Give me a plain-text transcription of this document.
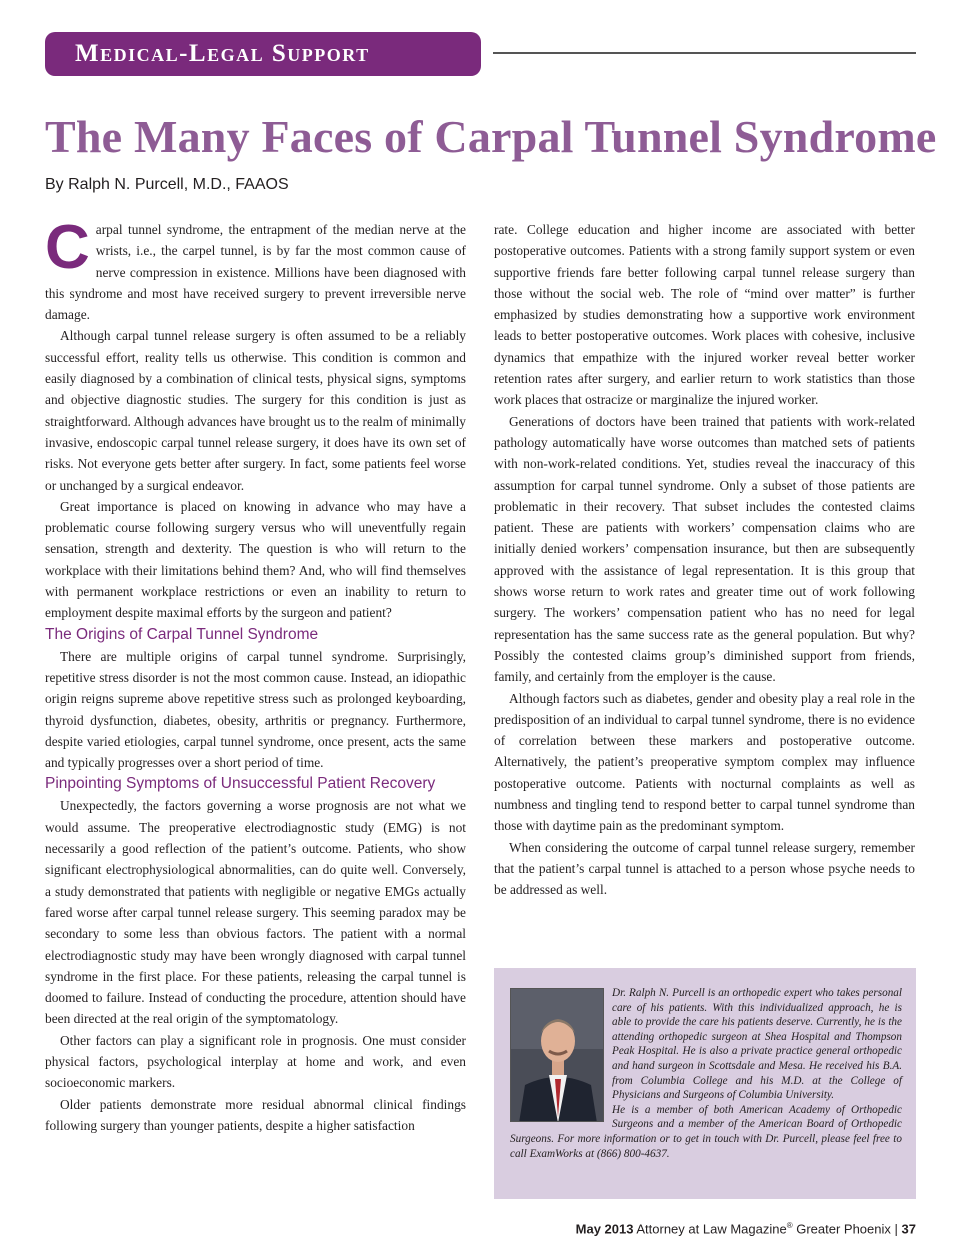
Medical-Legal Support
The Many Faces of Carpal Tunnel Syndrome
By Ralph N. Purcell, M.D., FAAOS

Carpal tunnel syndrome, the entrapment of the median nerve at the wrists, i.e., the carpel tunnel, is by far the most common cause of nerve compression in existence. Millions have been diagnosed with this syndrome and most have received surgery to prevent irreversible nerve damage.

Although carpal tunnel release surgery is often assumed to be a reliably successful effort, reality tells us otherwise. This condition is common and easily diagnosed by a combination of clinical tests, physical signs, symptoms and objective diagnostic studies. The surgery for this condition is just as straightforward. Although advances have brought us to the realm of minimally invasive, endoscopic carpal tunnel release surgery, it does have its own set of risks. Not everyone gets better after surgery. In fact, some patients feel worse or unchanged by a surgical endeavor.

Great importance is placed on knowing in advance who may have a problematic course following surgery versus who will uneventfully regain sensation, strength and dexterity. The question is who will return to the workplace with their limitations behind them? And, who will find themselves with permanent workplace restrictions or even an inability to return to employment despite maximal efforts by the surgeon and patient?

The Origins of Carpal Tunnel Syndrome

There are multiple origins of carpal tunnel syndrome. Surprisingly, repetitive stress disorder is not the most common cause. Instead, an idiopathic origin reigns supreme above repetitive stress such as prolonged keyboarding, thyroid dysfunction, diabetes, obesity, arthritis or pregnancy. Furthermore, despite varied etiologies, carpal tunnel syndrome, once present, acts the same and typically progresses over a short period of time.

Pinpointing Symptoms of Unsuccessful Patient Recovery

Unexpectedly, the factors governing a worse prognosis are not what we would assume. The preoperative electrodiagnostic study (EMG) is not necessarily a good reflection of the patient’s outcome. Patients, who show significant electrophysiological abnormalities, can do quite well. Conversely, a study demonstrated that patients with negligible or negative EMGs actually fared worse after carpal tunnel release surgery. This seeming paradox may be secondary to some less than obvious factors. The patient with a normal electrodiagnostic study may have been wrongly diagnosed with carpal tunnel syndrome in the first place. For these patients, releasing the carpal tunnel is doomed to failure. Instead of conducting the procedure, attention should have been directed at the real origin of the symptomatology.

Other factors can play a significant role in prognosis. One must consider physical factors, psychological interplay at home and work, and even socioeconomic markers.

Older patients demonstrate more residual abnormal clinical findings following surgery than younger patients, despite a higher satisfaction

rate. College education and higher income are associated with better postoperative outcomes. Patients with a strong family support system or even supportive friends fare better following carpal tunnel release surgery than those without the social web. The role of “mind over matter” is further emphasized by studies demonstrating how a supportive work environment leads to better postoperative outcomes. Work places with cohesive, inclusive dynamics that empathize with the injured worker reveal better worker retention rates after surgery, and earlier return to work statistics than those work places that ostracize or marginalize the injured worker.

Generations of doctors have been trained that patients with work-related pathology automatically have worse outcomes than matched sets of patients with non-work-related conditions. Yet, studies reveal the inaccuracy of this assumption for carpal tunnel syndrome. Only a subset of those patients are problematic in their recovery. That subset includes the contested claims patient. These are patients with workers’ compensation claims who are initially denied workers’ compensation insurance, but then are subsequently approved with the assistance of legal representation. It is this group that shows worse return to work rates and greater time out of work following surgery. The workers’ compensation patient who has no need for legal representation has the same success rate as the general population. But why? Possibly the contested claims group’s diminished support from friends, family, and certainly from the employer is the cause.

Although factors such as diabetes, gender and obesity play a real role in the predisposition of an individual to carpal tunnel syndrome, there is no evidence of correlation between these markers and postoperative outcome. Alternatively, the patient’s preoperative symptom complex may influence postoperative outcome. Patients with nocturnal complaints as well as numbness and tingling tend to respond better to carpal tunnel syndrome than those with daytime pain as the predominant symptom.

When considering the outcome of carpal tunnel release surgery, remember that the patient’s carpal tunnel is attached to a person whose psyche needs to be addressed as well.

Dr. Ralph N. Purcell is an orthopedic expert who takes personal care of his patients. With this individualized approach, he is able to provide the care his patients deserve. Currently, he is the attending orthopedic surgeon at Shea Hospital and Thompson Peak Hospital. He is also a private practice general orthopedic and hand surgeon in Scottsdale and Mesa. He received his B.A. from Columbia College and his M.D. at the College of Physicians and Surgeons of Columbia University.
He is a member of both American Academy of Orthopedic Surgeons and a member of the American Board of Orthopedic Surgeons. For more information or to get in touch with Dr. Purcell, please feel free to call ExamWorks at (866) 800-4637.
May 2013 Attorney at Law Magazine® Greater Phoenix | 37
